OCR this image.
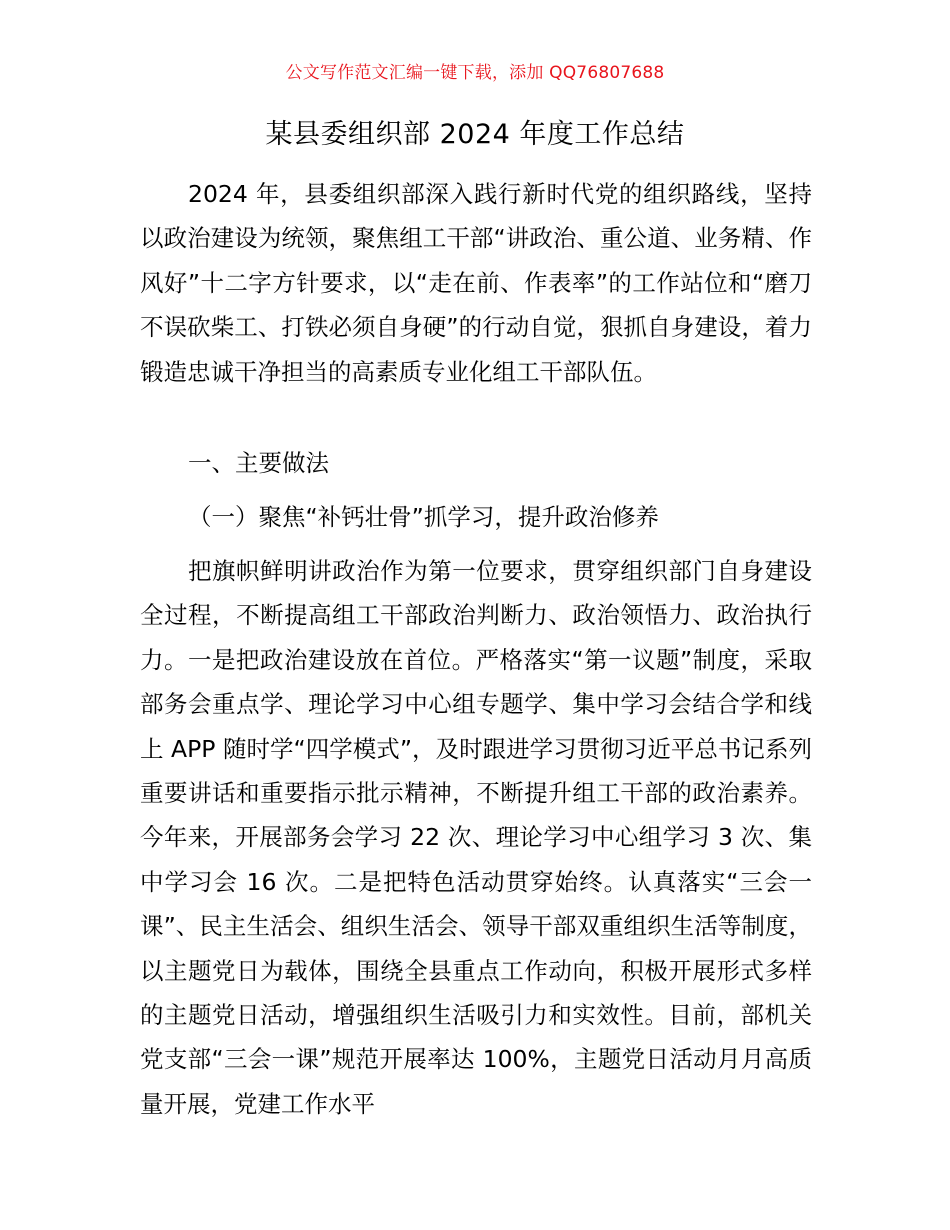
公文写作范文汇编一键下载，添加 QQ76807688
某县委组织部 2024 年度工作总结

2024 年，县委组织部深入践行新时代党的组织路线，坚持以政治建设为统领，聚焦组工干部“讲政治、重公道、业务精、作风好”十二字方针要求，以“走在前、作表率”的工作站位和“磨刀不误砍柴工、打铁必须自身硬”的行动自觉，狠抓自身建设，着力锻造忠诚干净担当的高素质专业化组工干部队伍。

一、主要做法

（一）聚焦“补钙壮骨”抓学习，提升政治修养

把旗帜鲜明讲政治作为第一位要求，贯穿组织部门自身建设全过程，不断提高组工干部政治判断力、政治领悟力、政治执行力。一是把政治建设放在首位。严格落实“第一议题”制度，采取部务会重点学、理论学习中心组专题学、集中学习会结合学和线上 APP 随时学“四学模式”，及时跟进学习贯彻习近平总书记系列重要讲话和重要指示批示精神，不断提升组工干部的政治素养。今年来，开展部务会学习 22 次、理论学习中心组学习 3 次、集中学习会 16 次。二是把特色活动贯穿始终。认真落实“三会一课”、民主生活会、组织生活会、领导干部双重组织生活等制度，以主题党日为载体，围绕全县重点工作动向，积极开展形式多样的主题党日活动，增强组织生活吸引力和实效性。目前，部机关党支部“三会一课”规范开展率达 100%，主题党日活动月月高质量开展，党建工作水平
